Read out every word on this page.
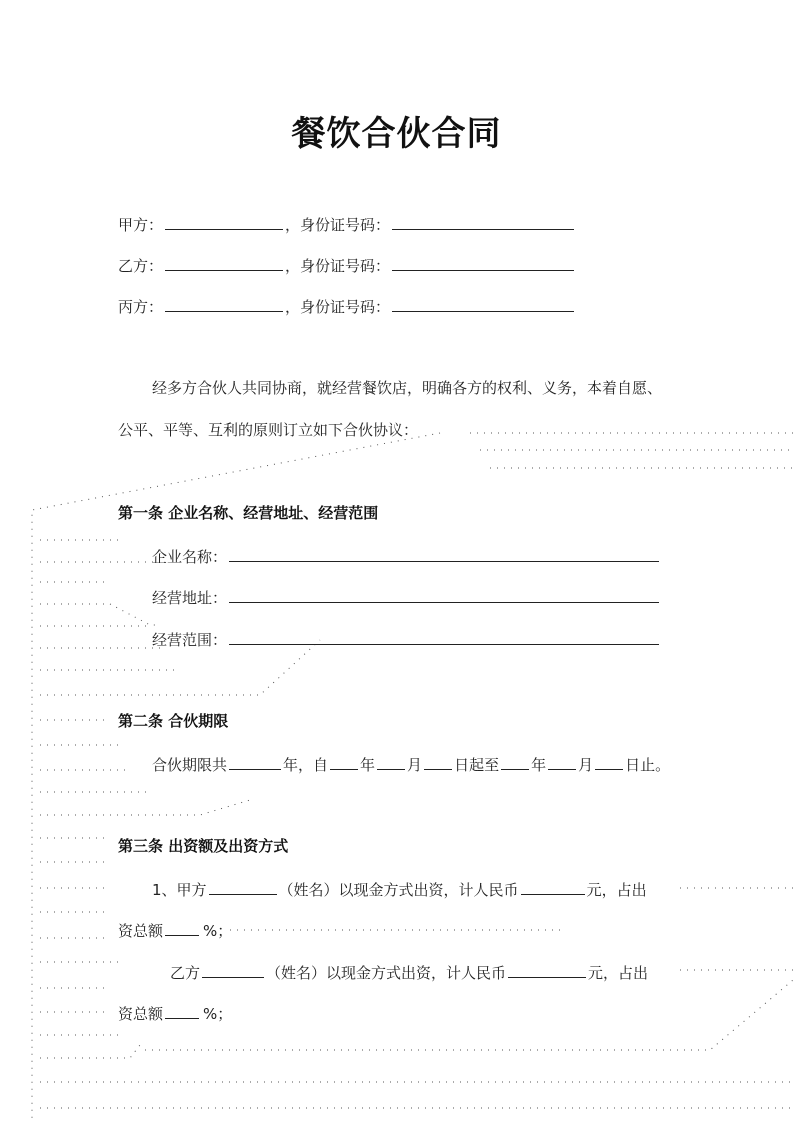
餐饮合伙合同
甲方：	，身份证号码：
乙方：	，身份证号码：
丙方：	，身份证号码：
经多方合伙人共同协商，就经营餐饮店，明确各方的权利、义务，本着自愿、
公平、平等、互利的原则订立如下合伙协议：
第一条 企业名称、经营地址、经营范围
企业名称：
经营地址：
经营范围：
第二条 合伙期限
合伙期限共	年，自 年 月 日起至 年 月 日止。
第三条 出资额及出资方式
1、甲方	（姓名）以现金方式出资，计人民币	元，占出
资总额	%；
乙方	（姓名）以现金方式出资，计人民币	元，占出
资总额	%；
